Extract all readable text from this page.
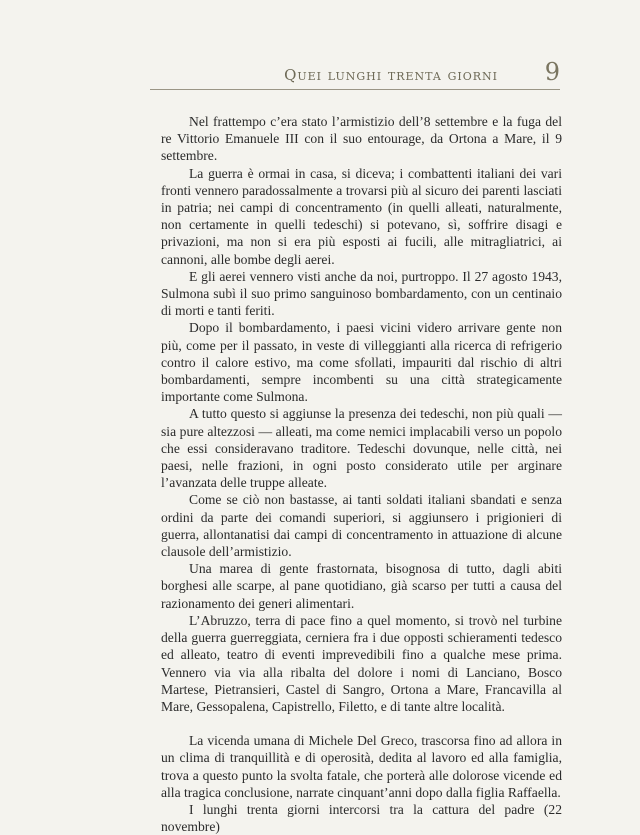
Quei lunghi trenta giorni 9

Nel frattempo c’era stato l’armistizio dell’8 settembre e la fuga del re Vittorio Emanuele III con il suo entourage, da Ortona a Mare, il 9 settembre.

La guerra è ormai in casa, si diceva; i combattenti italiani dei vari fronti vennero paradossalmente a trovarsi più al sicuro dei parenti lasciati in patria; nei campi di concentramento (in quelli alleati, naturalmente, non certamente in quelli tedeschi) si potevano, sì, soffrire disagi e privazioni, ma non si era più esposti ai fucili, alle mitragliatrici, ai cannoni, alle bombe degli aerei.

E gli aerei vennero visti anche da noi, purtroppo. Il 27 agosto 1943, Sulmona subì il suo primo sanguinoso bombardamento, con un centinaio di morti e tanti feriti.

Dopo il bombardamento, i paesi vicini videro arrivare gente non più, come per il passato, in veste di villeggianti alla ricerca di refrigerio contro il calore estivo, ma come sfollati, impauriti dal rischio di altri bombardamenti, sempre incombenti su una città strategicamente importante come Sulmona.

A tutto questo si aggiunse la presenza dei tedeschi, non più quali — sia pure altezzosi — alleati, ma come nemici implacabili verso un popolo che essi consideravano traditore. Tedeschi dovunque, nelle città, nei paesi, nelle frazioni, in ogni posto considerato utile per arginare l’avanzata delle truppe alleate.

Come se ciò non bastasse, ai tanti soldati italiani sbandati e senza ordini da parte dei comandi superiori, si aggiunsero i prigionieri di guerra, allontanatisi dai campi di concentramento in attuazione di alcune clausole dell’armistizio.

Una marea di gente frastornata, bisognosa di tutto, dagli abiti borghesi alle scarpe, al pane quotidiano, già scarso per tutti a causa del razionamento dei generi alimentari.

L’Abruzzo, terra di pace fino a quel momento, si trovò nel turbine della guerra guerreggiata, cerniera fra i due opposti schieramenti tedesco ed alleato, teatro di eventi imprevedibili fino a qualche mese prima. Vennero via via alla ribalta del dolore i nomi di Lanciano, Bosco Martese, Pietransieri, Castel di Sangro, Ortona a Mare, Francavilla al Mare, Gessopalena, Capistrello, Filetto, e di tante altre località.

La vicenda umana di Michele Del Greco, trascorsa fino ad allora in un clima di tranquillità e di operosità, dedita al lavoro ed alla famiglia, trova a questo punto la svolta fatale, che porterà alle dolorose vicende ed alla tragica conclusione, narrate cinquant’anni dopo dalla figlia Raffaella.

I lunghi trenta giorni intercorsi tra la cattura del padre (22 novembre)
